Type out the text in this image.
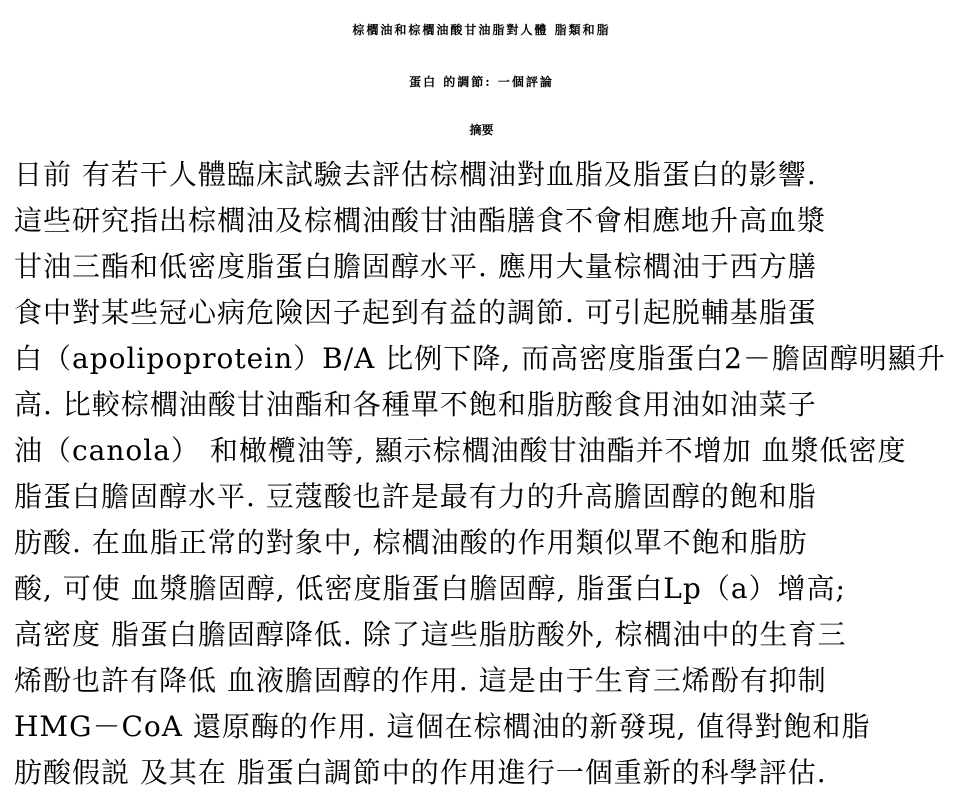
棕櫚油和棕櫚油酸甘油脂對人體 脂類和脂
蛋白 的調節: 一個評論
摘要
日前 有若干人體臨床試驗去評估棕櫚油對血脂及脂蛋白的影響.
這些研究指出棕櫚油及棕櫚油酸甘油酯膳食不會相應地升高血漿
甘油三酯和低密度脂蛋白膽固醇水平. 應用大量棕櫚油于西方膳
食中對某些冠心病危險因子起到有益的調節. 可引起脱輔基脂蛋
白（apolipoprotein）B/A 比例下降, 而高密度脂蛋白2－膽固醇明顯升
高. 比較棕櫚油酸甘油酯和各種單不飽和脂肪酸食用油如油菜子
油（canola） 和橄欖油等, 顯示棕櫚油酸甘油酯并不增加 血漿低密度
脂蛋白膽固醇水平. 豆蔻酸也許是最有力的升高膽固醇的飽和脂
肪酸. 在血脂正常的對象中, 棕櫚油酸的作用類似單不飽和脂肪
酸, 可使 血漿膽固醇, 低密度脂蛋白膽固醇, 脂蛋白Lp（a）增高;
高密度 脂蛋白膽固醇降低. 除了這些脂肪酸外, 棕櫚油中的生育三
烯酚也許有降低 血液膽固醇的作用. 這是由于生育三烯酚有抑制
HMG－CoA 還原酶的作用. 這個在棕櫚油的新發現, 值得對飽和脂
肪酸假説 及其在 脂蛋白調節中的作用進行一個重新的科學評估.
